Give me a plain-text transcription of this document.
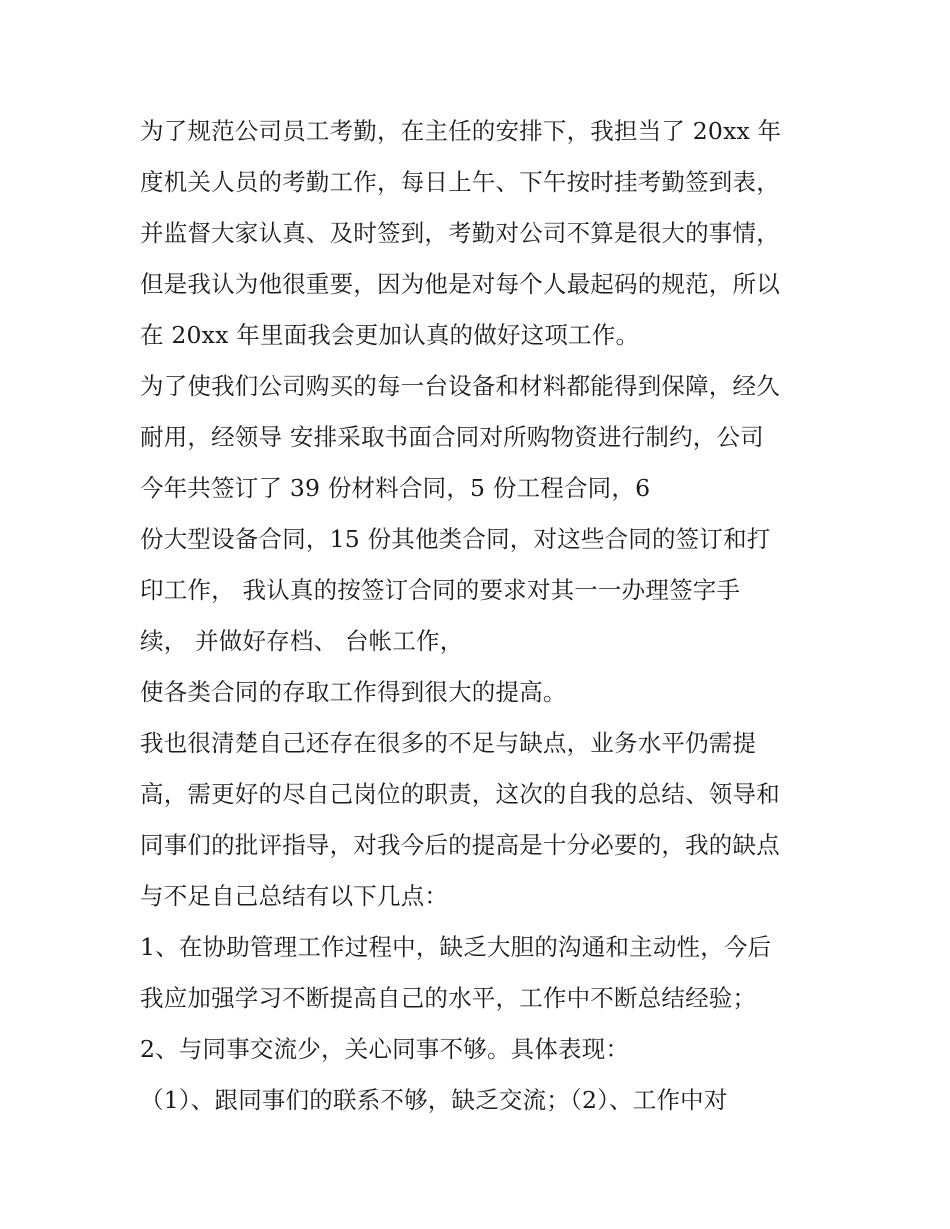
为了规范公司员工考勤，在主任的安排下，我担当了 20xx 年
度机关人员的考勤工作，每日上午、下午按时挂考勤签到表，
并监督大家认真、及时签到，考勤对公司不算是很大的事情，
但是我认为他很重要，因为他是对每个人最起码的规范，所以
在 20xx 年里面我会更加认真的做好这项工作。
为了使我们公司购买的每一台设备和材料都能得到保障，经久
耐用，经领导 安排采取书面合同对所购物资进行制约，公司
今年共签订了 39 份材料合同，5 份工程合同，6
份大型设备合同，15 份其他类合同，对这些合同的签订和打
印工作， 我认真的按签订合同的要求对其一一办理签字手
续， 并做好存档、 台帐工作，
使各类合同的存取工作得到很大的提高。
我也很清楚自己还存在很多的不足与缺点，业务水平仍需提
高，需更好的尽自己岗位的职责，这次的自我的总结、领导和
同事们的批评指导，对我今后的提高是十分必要的，我的缺点
与不足自己总结有以下几点：
1、在协助管理工作过程中，缺乏大胆的沟通和主动性，今后
我应加强学习不断提高自己的水平，工作中不断总结经验；
2、与同事交流少，关心同事不够。具体表现：
（1）、跟同事们的联系不够，缺乏交流；（2）、工作中对
